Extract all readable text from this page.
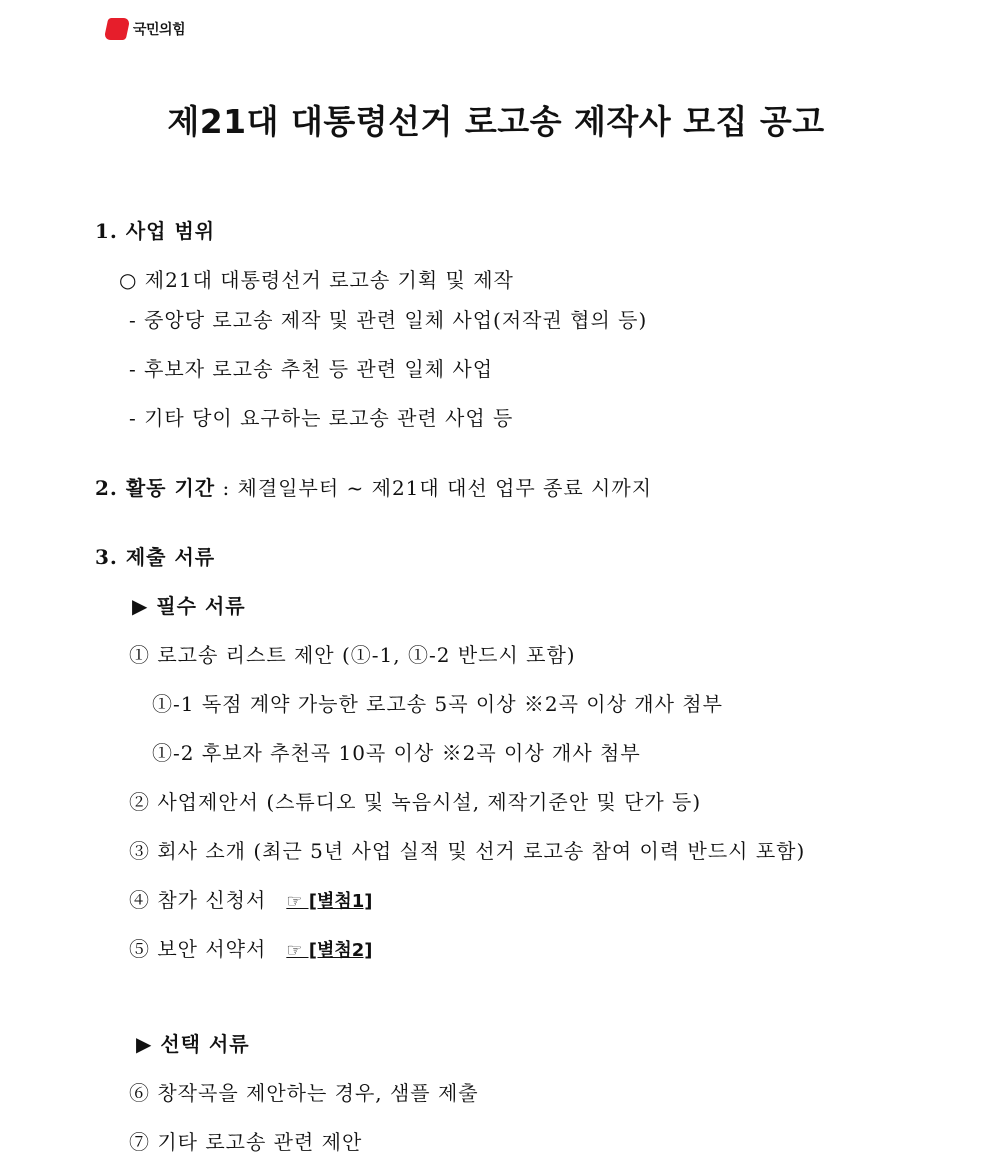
국민의힘
제21대 대통령선거 로고송 제작사 모집 공고
1. 사업 범위
○ 제21대 대통령선거 로고송 기획 및 제작
- 중앙당 로고송 제작 및 관련 일체 사업(저작권 협의 등)
- 후보자 로고송 추천 등 관련 일체 사업
- 기타 당이 요구하는 로고송 관련 사업 등
2. 활동 기간 : 체결일부터 ~ 제21대 대선 업무 종료 시까지
3. 제출 서류
▶ 필수 서류
① 로고송 리스트 제안 (①-1, ①-2 반드시 포함)
①-1 독점 계약 가능한 로고송 5곡 이상 ※2곡 이상 개사 첨부
①-2 후보자 추천곡 10곡 이상 ※2곡 이상 개사 첨부
② 사업제안서 (스튜디오 및 녹음시설, 제작기준안 및 단가 등)
③ 회사 소개 (최근 5년 사업 실적 및 선거 로고송 참여 이력 반드시 포함)
④ 참가 신청서 ☞ [별첨1]
⑤ 보안 서약서 ☞ [별첨2]
▶ 선택 서류
⑥ 창작곡을 제안하는 경우, 샘플 제출
⑦ 기타 로고송 관련 제안
